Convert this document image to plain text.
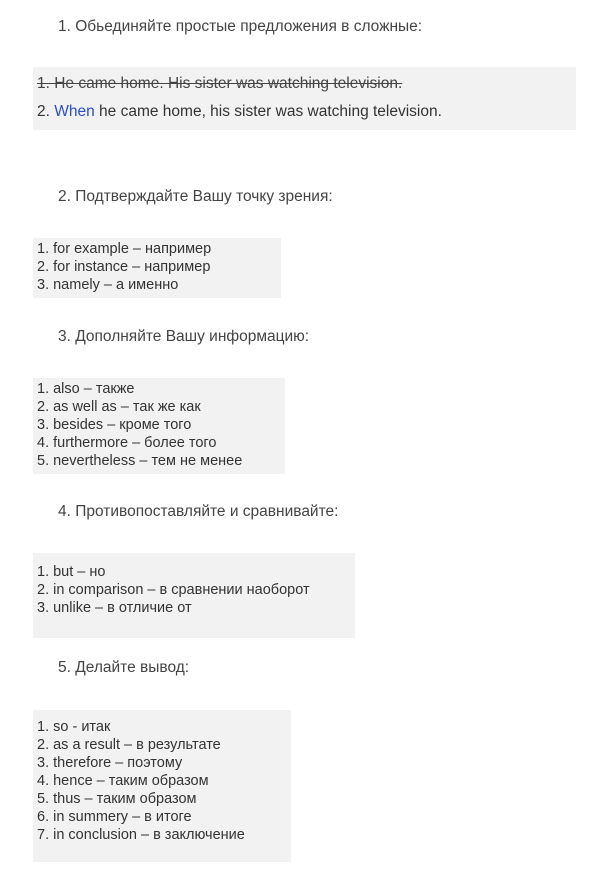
1. Обьединяйте простые предложения в сложные:
1. He came home. His sister was watching television.
2. When he came home, his sister was watching television.
2. Подтверждайте Вашу точку зрения:
1. for example – например
2. for instance – например
3. namely – а именно
3. Дополняйте Вашу информацию:
1. also – также
2. as well as – так же как
3. besides – кроме того
4. furthermore – более того
5. nevertheless – тем не менее
4. Противопоставляйте и сравнивайте:
1. but – но
2. in comparison – в сравнении наоборот
3. unlike – в отличие от
5. Делайте вывод:
1. so - итак
2. as a result – в результате
3. therefore – поэтому
4. hence – таким образом
5. thus – таким образом
6. in summery – в итоге
7. in conclusion – в заключение
